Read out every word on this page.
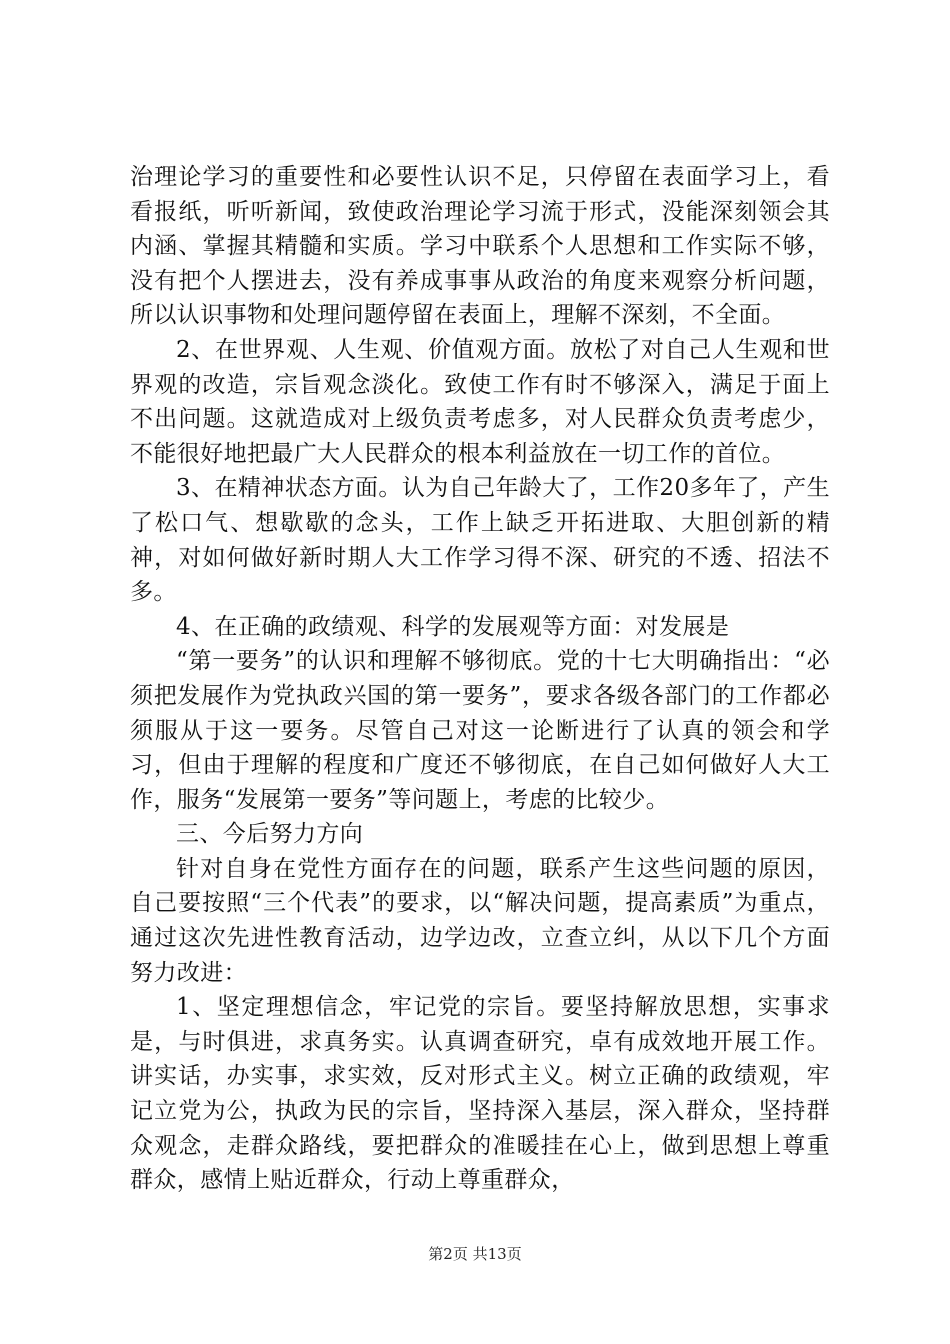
治理论学习的重要性和必要性认识不足，只停留在表面学习上，看看报纸，听听新闻，致使政治理论学习流于形式，没能深刻领会其内涵、掌握其精髓和实质。学习中联系个人思想和工作实际不够，没有把个人摆进去，没有养成事事从政治的角度来观察分析问题，所以认识事物和处理问题停留在表面上，理解不深刻，不全面。

2、在世界观、人生观、价值观方面。放松了对自己人生观和世界观的改造，宗旨观念淡化。致使工作有时不够深入，满足于面上不出问题。这就造成对上级负责考虑多，对人民群众负责考虑少，不能很好地把最广大人民群众的根本利益放在一切工作的首位。

3、在精神状态方面。认为自己年龄大了，工作20多年了，产生了松口气、想歇歇的念头，工作上缺乏开拓进取、大胆创新的精神，对如何做好新时期人大工作学习得不深、研究的不透、招法不多。

4、在正确的政绩观、科学的发展观等方面：对发展是

“第一要务”的认识和理解不够彻底。党的十七大明确指出：“必须把发展作为党执政兴国的第一要务”，要求各级各部门的工作都必须服从于这一要务。尽管自己对这一论断进行了认真的领会和学习，但由于理解的程度和广度还不够彻底，在自己如何做好人大工作，服务“发展第一要务”等问题上，考虑的比较少。

三、今后努力方向

针对自身在党性方面存在的问题，联系产生这些问题的原因，自己要按照“三个代表”的要求，以“解决问题，提高素质”为重点，通过这次先进性教育活动，边学边改，立查立纠，从以下几个方面努力改进：

1、坚定理想信念，牢记党的宗旨。要坚持解放思想，实事求是，与时俱进，求真务实。认真调查研究，卓有成效地开展工作。讲实话，办实事，求实效，反对形式主义。树立正确的政绩观，牢记立党为公，执政为民的宗旨，坚持深入基层，深入群众，坚持群众观念，走群众路线，要把群众的准暖挂在心上，做到思想上尊重群众，感情上贴近群众，行动上尊重群众，

第2页 共13页
